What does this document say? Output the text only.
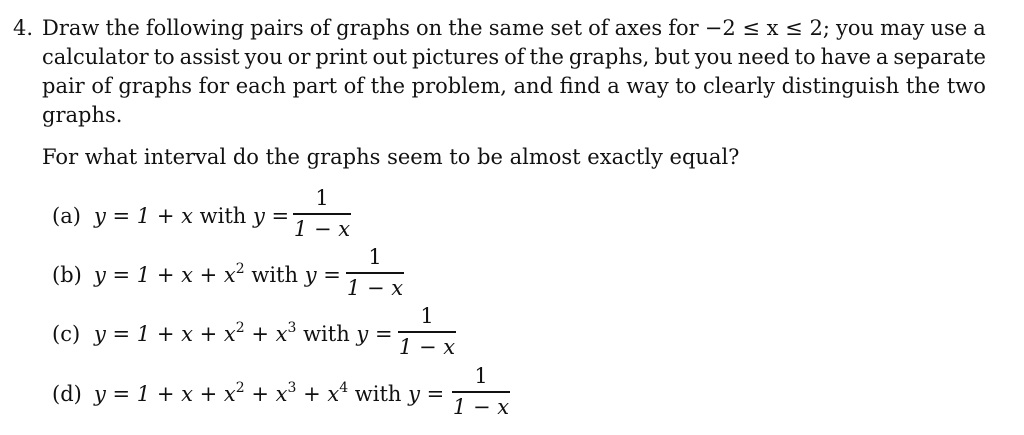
4. Draw the following pairs of graphs on the same set of axes for −2 ≤ x ≤ 2; you may use a
calculator to assist you or print out pictures of the graphs, but you need to have a separate
pair of graphs for each part of the problem, and find a way to clearly distinguish the two
graphs.
For what interval do the graphs seem to be almost exactly equal?
(a) y = 1 + x with y =
1
1 − x
(b) $y = 1 + x + x^2$ with y =
1
1 − x
(c) $y = 1 + x + x^2 + x^3$ with y =
1
1 − x
(d) $y = 1 + x + x^2 + x^3 + x^4$ with y =
1
1 − x
